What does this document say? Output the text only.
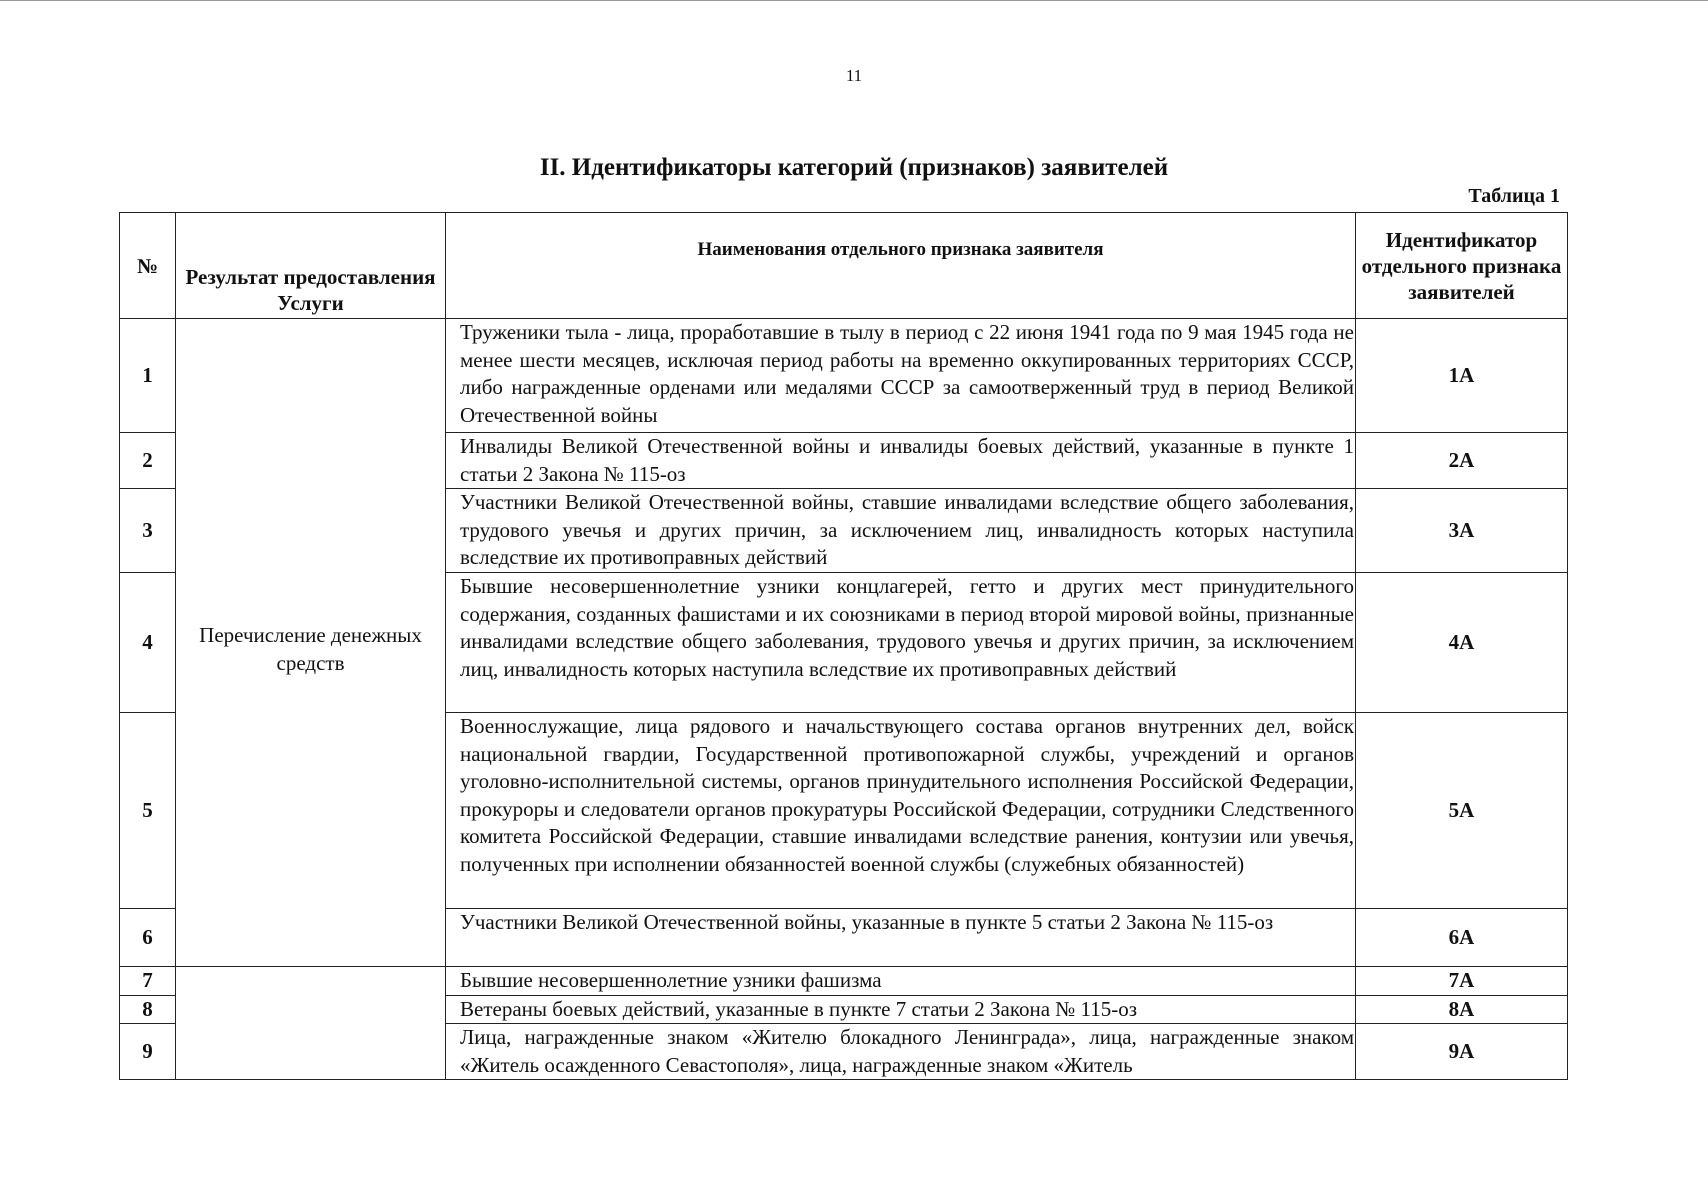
11
II. Идентификаторы категорий (признаков) заявителей
Таблица 1
№	Результат предоставления Услуги	Наименования отдельного признака заявителя	Идентификатор отдельного признака заявителей
1	Перечисление денежных средств	Труженики тыла - лица, проработавшие в тылу в период с 22 июня 1941 года по 9 мая 1945 года не менее шести месяцев, исключая период работы на временно оккупированных территориях СССР, либо награжденные орденами или медалями СССР за самоотверженный труд в период Великой Отечественной войны	1А
2		Инвалиды Великой Отечественной войны и инвалиды боевых действий, указанные в пункте 1 статьи 2 Закона № 115-оз	2А
3		Участники Великой Отечественной войны, ставшие инвалидами вследствие общего заболевания, трудового увечья и других причин, за исключением лиц, инвалидность которых наступила вследствие их противоправных действий	3А
4		Бывшие несовершеннолетние узники концлагерей, гетто и других мест принудительного содержания, созданных фашистами и их союзниками в период второй мировой войны, признанные инвалидами вследствие общего заболевания, трудового увечья и других причин, за исключением лиц, инвалидность которых наступила вследствие их противоправных действий	4А
5		Военнослужащие, лица рядового и начальствующего состава органов внутренних дел, войск национальной гвардии, Государственной противопожарной службы, учреждений и органов уголовно-исполнительной системы, органов принудительного исполнения Российской Федерации, прокуроры и следователи органов прокуратуры Российской Федерации, сотрудники Следственного комитета Российской Федерации, ставшие инвалидами вследствие ранения, контузии или увечья, полученных при исполнении обязанностей военной службы (служебных обязанностей)	5А
6		Участники Великой Отечественной войны, указанные в пункте 5 статьи 2 Закона № 115-оз	6А
7		Бывшие несовершеннолетние узники фашизма	7А
8		Ветераны боевых действий, указанные в пункте 7 статьи 2 Закона № 115-оз	8А
9		Лица, награжденные знаком «Жителю блокадного Ленинграда», лица, награжденные знаком «Житель осажденного Севастополя», лица, награжденные знаком «Житель	9А
